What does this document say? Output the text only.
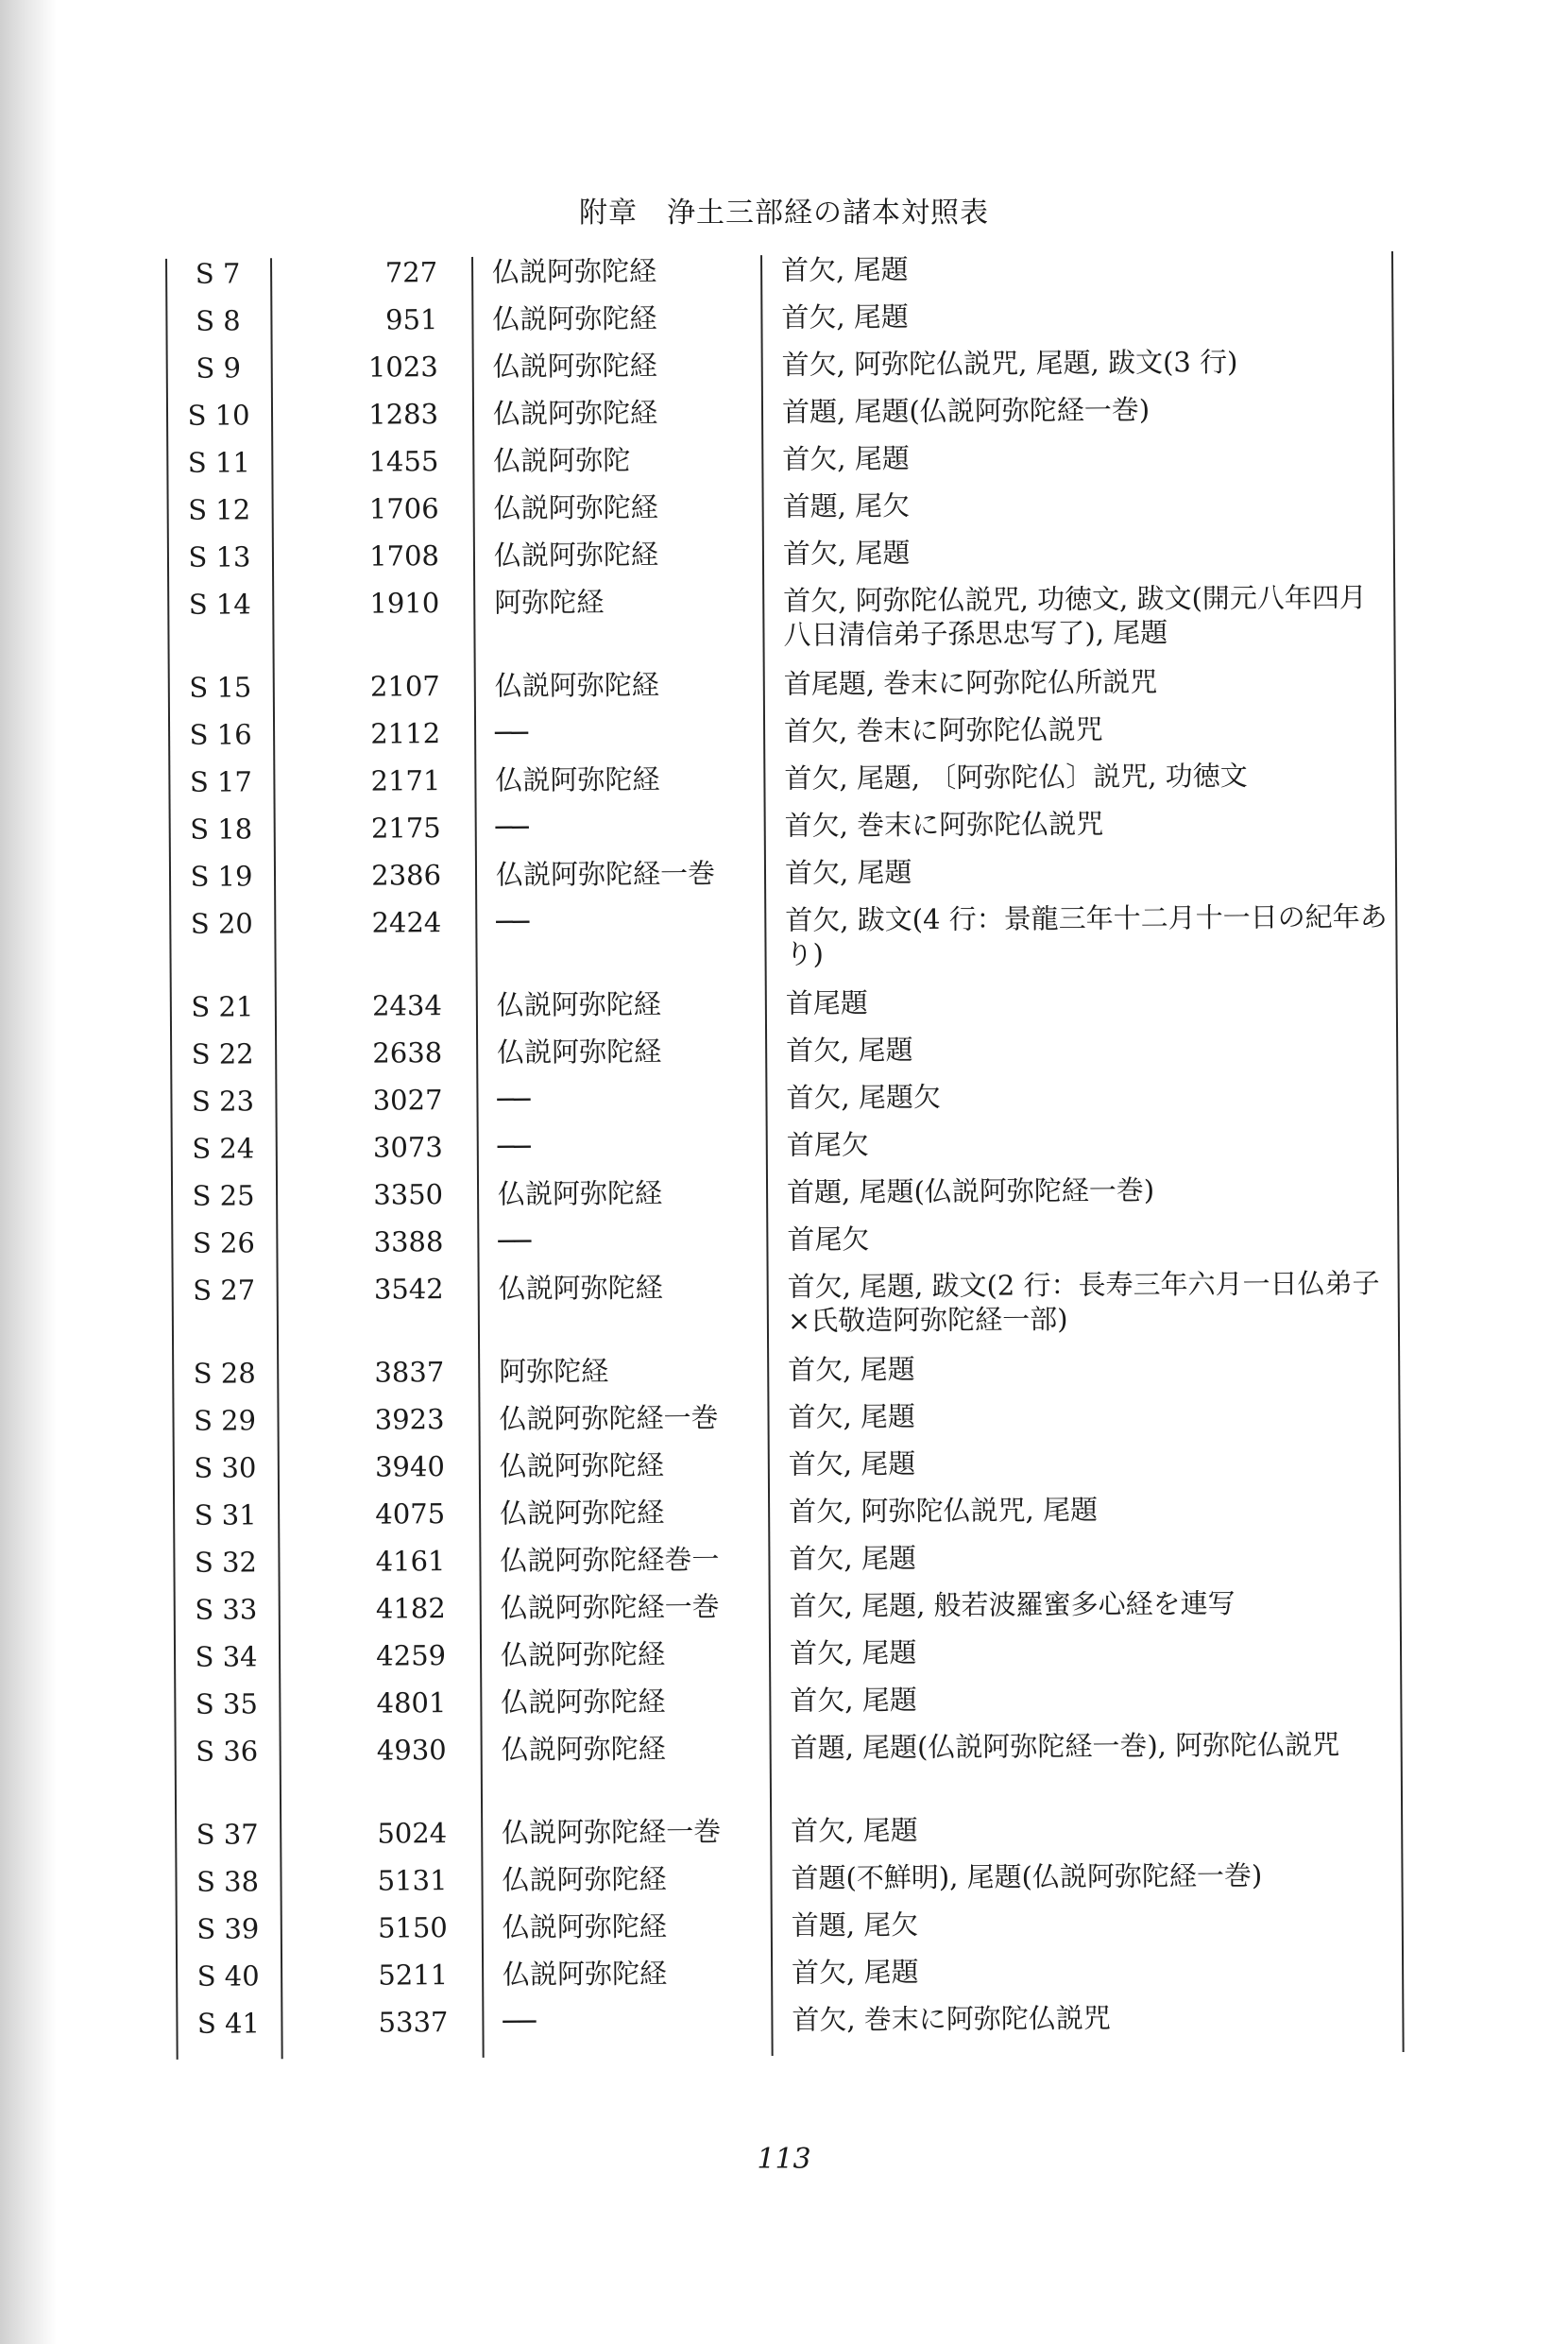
附章　浄土三部経の諸本対照表
S 7	727 仏説阿弥陀経	首欠, 尾題
S 8	951 仏説阿弥陀経	首欠, 尾題
S 9	1023 仏説阿弥陀経	首欠, 阿弥陀仏説咒, 尾題, 跋文(3 行)
S 10	1283 仏説阿弥陀経	首題, 尾題(仏説阿弥陀経一巻)
S 11	1455 仏説阿弥陀	首欠, 尾題
S 12	1706 仏説阿弥陀経	首題, 尾欠
S 13	1708 仏説阿弥陀経	首欠, 尾題
S 14	1910 阿弥陀経	首欠, 阿弥陀仏説咒, 功徳文, 跋文(開元八年四月八日清信弟子孫思忠写了), 尾題
S 15	2107 仏説阿弥陀経	首尾題, 巻末に阿弥陀仏所説咒
S 16	2112 ──	首欠, 巻末に阿弥陀仏説咒
S 17	2171 仏説阿弥陀経	首欠, 尾題, 〔阿弥陀仏〕説咒, 功徳文
S 18	2175 ──	首欠, 巻末に阿弥陀仏説咒
S 19	2386 仏説阿弥陀経一巻	首欠, 尾題
S 20	2424 ──	首欠, 跋文(4 行：景龍三年十二月十一日の紀年あり)
S 21	2434 仏説阿弥陀経	首尾題
S 22	2638 仏説阿弥陀経	首欠, 尾題
S 23	3027 ──	首欠, 尾題欠
S 24	3073 ──	首尾欠
S 25	3350 仏説阿弥陀経	首題, 尾題(仏説阿弥陀経一巻)
S 26	3388 ──	首尾欠
S 27	3542 仏説阿弥陀経	首欠, 尾題, 跋文(2 行：長寿三年六月一日仏弟子×氏敬造阿弥陀経一部)
S 28	3837 阿弥陀経	首欠, 尾題
S 29	3923 仏説阿弥陀経一巻	首欠, 尾題
S 30	3940 仏説阿弥陀経	首欠, 尾題
S 31	4075 仏説阿弥陀経	首欠, 阿弥陀仏説咒, 尾題
S 32	4161 仏説阿弥陀経巻一	首欠, 尾題
S 33	4182 仏説阿弥陀経一巻	首欠, 尾題, 般若波羅蜜多心経を連写
S 34	4259 仏説阿弥陀経	首欠, 尾題
S 35	4801 仏説阿弥陀経	首欠, 尾題
S 36	4930 仏説阿弥陀経	首題, 尾題(仏説阿弥陀経一巻), 阿弥陀仏説咒
S 37	5024 仏説阿弥陀経一巻	首欠, 尾題
S 38	5131 仏説阿弥陀経	首題(不鮮明), 尾題(仏説阿弥陀経一巻)
S 39	5150 仏説阿弥陀経	首題, 尾欠
S 40	5211 仏説阿弥陀経	首欠, 尾題
S 41	5337 ──	首欠, 巻末に阿弥陀仏説咒
113
